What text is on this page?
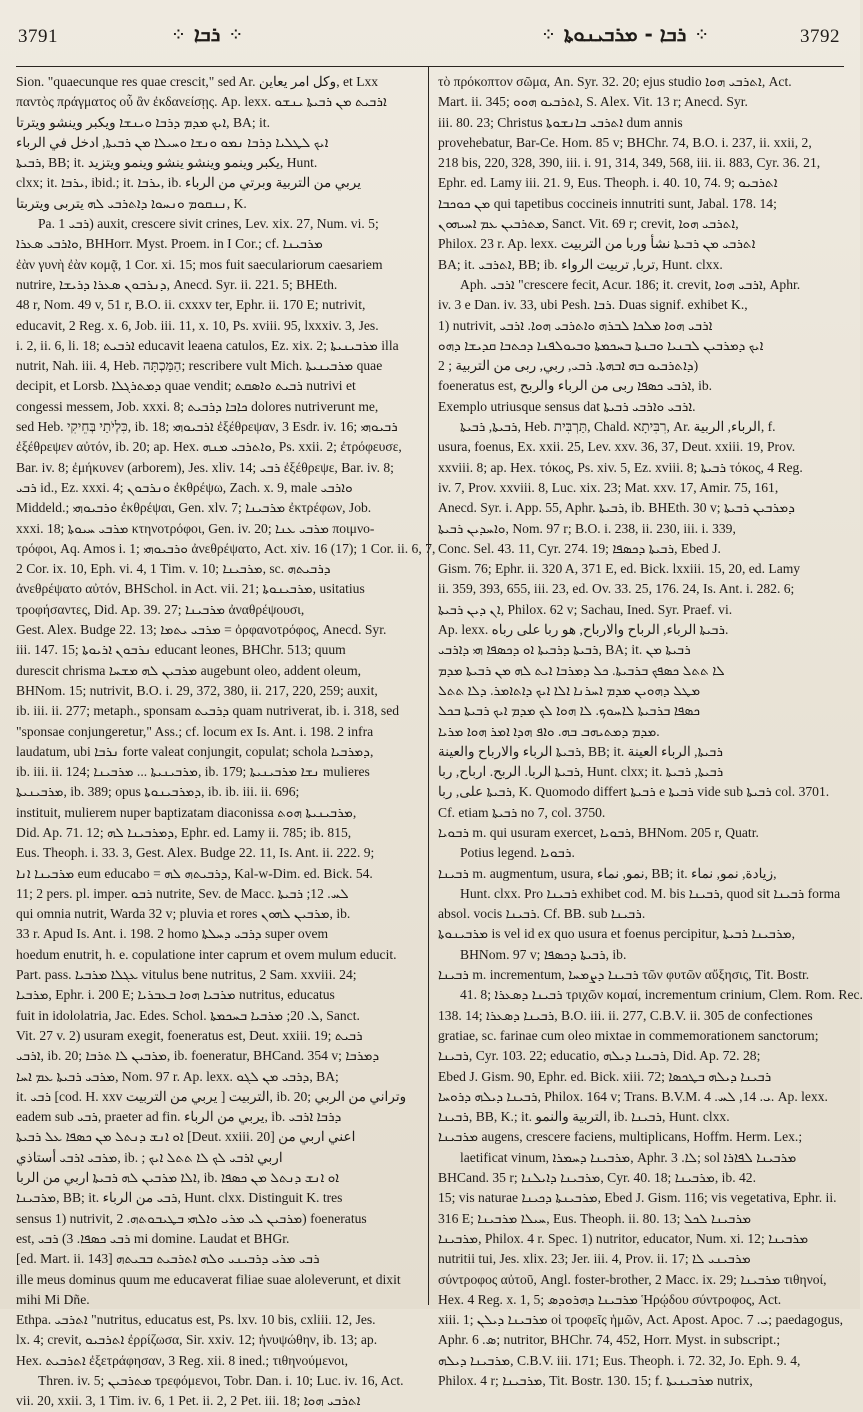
3791	⁘ ܪܒܐ ⁘	⁘ ܪܒܐ - ܡܪܒܝܢܘܬܐ ⁘	3792
Sion. "quaecunque res quae crescit," sed Ar. وكل امر يعاين, et Lxx
παντὸς πράγματος οὗ ἂν ἐκδανείσῃς. Ap. lexx. ܐܪܒܝܬ ܡܢ ܪܒܝܬܐ ܝܢܫܘ
ܐܝܟ ܡܕܡ ܕܪܒܐ ܘܝܢܫܐ ويكبر وينشو ويترتا, BA; it.
ܐܝܟ ܠܛܠܝܐ ܕܪܒܐ ܢܡܘ ܘܢܫܐ ܘܚܝܠܐ ܡܢ ܪܒܝܬܐ, ادخل في الرباء
ܪܒܝܬܐ, BB; it. يكبر وينمو وينشو ينشو وينمو ويتزيد, Hunt.
clxx; it. ܝܪܒܐ, ibid.; it. ܝܪܒܐ, ib. يربي من التربية وبرتي من الرباء
ܢܢܩܘܡ ܘܢܚܘܐ ܕܐܬܪܒܝ ܠܗ يتربى ويتربتا, K.
Pa. ܪܒܝ 1) auxit, crescere sivit crines, Lev. xix. 27, Num. vi. 5;
ܘܐܪܒܝ ܣܥܪܐ, BHHorr. Myst. Proem. in I Cor.; cf. ܡܪܒܝܢܐ
ἐὰν γυνὴ ἐὰν κομᾷ, 1 Cor. xi. 15; mos fuit saeculariorum caesariem
nutrire, ܕܢܪܒܘܢ ܣܥܪܐ ܕܪܝܫܐ, Anecd. Syr. ii. 221. 5; BHEth.
48 r, Nom. 49 v, 51 r, B.O. ii. cxxxv ter, Ephr. ii. 170 E; nutrivit,
educavit, 2 Reg. x. 6, Job. iii. 11, x. 10, Ps. xviii. 95, lxxxiv. 3, Jes.
i. 2, ii. 6, li. 18; ܐܪܒܝܬ educavit leaena catulos, Ez. xix. 2; ܡܪܒܝܢܝܬܐ illa
nutrit, Nah. iii. 4, Heb. הַמַּכְתָּה; rescribere vult Mich. ܡܪܒܝܢܝܬܐ quae
decipit, et Lorsb. ܕܡܬܪܓܠܐ quae vendit; ܪܒܝܬ ܘܐܣܩܬ nutrivi et
congessi messem, Job. xxxi. 8; ܟܐܒܐ ܕܪܒܝܬ dolores nutriverunt me,
sed Heb. כִּלְיֹתַי בְּחֵיקִי, ib. 18; ܐܪܒܝܘܗܝ ἐξέθρεψαν, 3 Esdr. iv. 16; ܪܒܝܘܗܝ
ἐξέθρεψεν αὐτόν, ib. 20; ap. Hex. ܘܐܬܪܒܝ ܡܢܗ, Ps. xxii. 2; ἐτρόφευσε,
Bar. iv. 8; ἐμήκυνεν (arborem), Jes. xliv. 14; ܪܒܝ ἐξέθρεψε, Bar. iv. 8;
ܪܒܝ id., Ez. xxxi. 4; ܘܢܪܒܘܢ ἐκθρέψω, Zach. x. 9, male ܘܐܪܒܝ
Middeld.; ܘܪܒܝܘܗܝ ἐκθρέψαι, Gen. xlv. 7; ܡܪܒܝܢܐ ἐκτρέφων, Job.
xxxi. 18; ܡܪܒܝ ܚܝܘܬܐ κτηνοτρόφοι, Gen. iv. 20; ܡܪܒܝ ܥܢܐ ποιμνο-
τρόφοι, Aq. Amos i. 1; ܘܪܒܝܘܗܝ ἀνεθρέψατο, Act. xiv. 16 (17); 1 Cor. ii. 6, 7,
2 Cor. ix. 10, Eph. vi. 4, 1 Tim. v. 10; ܡܪܒܝܢܐ, sc. ܕܪܒܝܬܗ
ἀνεθρέψατο αὐτόν, BHSchol. in Act. vii. 21; ܡܪܒܝܢܘܬܐ, usitatius
τροφήσαντες, Did. Ap. 39. 27; ܡܪܒܝܢܐ ἀναθρέψουσι,
Gest. Alex. Budge 22. 13; ܡܪܒܝ ܝܬܡܐ = ὀρφανοτρόφος, Anecd. Syr.
iii. 147. 15; ܢܪܒܘܢ ܐܪܝܘܬܐ educant leones, BHChr. 513; quum
durescit chrisma ܡܪܒܝܢ ܠܗ ܡܫܚܐ augebunt oleo, addent oleum,
BHNom. 15; nutrivit, B.O. i. 29, 372, 380, ii. 217, 220, 259; auxit,
ib. iii. ii. 277; metaph., sponsam ܕܪܒܝܬ quam nutriverat, ib. i. 318, sed
"sponsae conjungeretur," Ass.; cf. locum ex Is. Ant. i. 198. 2 infra
laudatum, ubi ܢܪܒܐ forte valeat conjungit, copulat; schola ܕܡܪܒܝܐ,
ib. iii. ii. 124; ܡܪܒܝܢܝܬܐ ... ܡܪܒܝܢܐ, ib. 179; ܢܫܐ ܡܪܒܝܢܝܬܐ mulieres
ܡܪܒܝܢܝܬܐ, ib. 389; opus ܕܡܪܒܝܢܘܬܐ, ib. ib. iii. ii. 696;
instituit, mulierem nuper baptizatam diaconissa ܡܪܒܝܢܝܬܐ ܗܘܬ,
Did. Ap. 71. 12; ܕܡܪܒܝܢܐ ܠܗ, Ephr. ed. Lamy ii. 785; ib. 815,
Eus. Theoph. i. 33. 3, Gest. Alex. Budge 22. 11, Is. Ant. ii. 222. 9;
ܡܪܒܝܢܐ ܐܢܐ eum educabo = ܕܪܒܝܬܗ ܠܗ, Kal-w-Dim. ed. Bick. 54.
11; 2 pers. pl. imper. ܪܒܘ nutrite, Sev. de Macc. ܠܚ. 12; ܪܒܝܬܐ
qui omnia nutrit, Warda 32 v; pluvia et rores ܡܪܒܝܢ ܠܗܘܢ, ib.
33 r. Apud Is. Ant. i. 198. 2 homo ܕܪܒܝ ܕܚܠܬܐ super ovem
hoedum enutrit, h. e. copulatione inter caprum et ovem mulum educit.
Part. pass. ܥܓܠܐ ܡܪܒܝܐ vitulus bene nutritus, 2 Sam. xxviii. 24;
ܡܪܒܝܐ, Ephr. i. 200 E; ܡܪܒܝܐ ܗܘܐ ܒܥܒܪܝܐ nutritus, educatus
fuit in idololatria, Jac. Edes. Schol. ܠ. 20; ܡܪܒܝܐ ܒܚܟܡܬܐ, Sanct.
Vit. 27 v. 2) usuram exegit, foeneratus est, Deut. xxiii. 19; ܪܒܝܬ
ܐܪܒܝ, ib. 20; ܡܪܒܝܢ ܠܐ ܬܪܒܐ, ib. foeneratur, BHCand. 354 v; ܕܡܪܒܐ
ܡܪܒܝ ܪܒܝܬܐ ܥܡ ܐܚܐ, Nom. 97 r. Ap. lexx. ܕܪܒܝ ܡܢ ܠܓܘ, BA;
it. ܪܒܝ [cod. H. xxv يربي من التربيت ] التربيت, ib. 20; وتراني من الربي
eadem sub ܪܒܝ, praeter ad fin. يربي من الرباء, ib. ܕܪܒܐ ܐܪܒܝ
ܐܘ ܐܢܫ ܕܢܬܠ ܡܢ ܟܣܦܐ ܥܠ ܪܒܝܬܐ [Deut. xxiii. 20] اعني اربي من
ܡܪܒܝ ܐܪܒܝ أستاذي, ib. ; اربي ܐܪܒܝ ܠܟ ܠܐ ܬܬܠ ܐܝܟ
ܐܠܐ ܡܪܒܝܢ ܠܗ ܪܒܝܬܐ اربي من الربا, ib. ܐܘ ܐܢܫ ܕܢܬܠ ܡܢ ܟܣܦܐ
ܡܪܒܝܢܐ, BB; it. ܪܒܝ من الرباء, Hunt. clxx. Distinguit K. tres
sensus 1) nutrivit, ܡܪܒܝܢ ܠܝ ܡܪܝ ܘܐܠܗܝ ܒܛܝܒܘܬܗ. 2) foeneratus
est, ܪܒܝ ܟܣܦܐ. 3) ܪܒܝ mi domine. Laudat et BHGr.
[ed. Mart. ii. 143] ܪܒܝ ܡܪܝ ܕܪܒܝܢܝ ܘܠܗ ܐܬܪܒܝܬ ܒܒܝܬܗ
ille meus dominus quum me educaverat filiae suae aloleverunt, et dixit
mihi Mi Dñe.
Ethpa. ܐܬܪܒܝ "nutritus, educatus est, Ps. lxv. 10 bis, cxliii. 12, Jes.
lx. 4; crevit, ܐܬܪܒܝܘ ἐρρίζωσα, Sir. xxiv. 12; ἠνυψώθην, ib. 13; ap.
Hex. ܐܬܪܒܝܬ ἐξετράφησαν, 3 Reg. xii. 8 ined.; τιθηνούμενοι,
Thren. iv. 5; ܡܬܪܒܝܢ τρεφόμενοι, Tobr. Dan. i. 10; Luc. iv. 16, Act.
vii. 20, xxii. 3, 1 Tim. iv. 6, 1 Pet. ii. 2, 2 Pet. iii. 18; ܐܬܪܒܝ ܗܘܐ
τὸ πρόκοπτον σῶμα, An. Syr. 32. 20; ejus studio ܐܬܪܒܝ ܗܘܐ, Act.
Mart. ii. 345; ܐܬܪܒܝܘ ܗܘܘ, S. Alex. Vit. 13 r; Anecd. Syr.
iii. 80. 23; Christus ܐܬܪܒܝ ܒܐܢܫܘܬܐ dum annis
provehebatur, Bar-Ce. Hom. 85 v; BHChr. 74, B.O. i. 237, ii. xxii, 2,
218 bis, 220, 328, 390, iii. i. 91, 314, 349, 568, iii. ii. 883, Cyr. 36. 21,
Ephr. ed. Lamy iii. 21. 9, Eus. Theoph. i. 40. 10, 74. 9; ܐܬܪܒܝܘ
ܡܢ ܟܘܟܒܐ qui tapetibus coccineis innutriti sunt, Jabal. 178. 14;
ܡܬܪܒܝܢ ܥܡ ܐܚܝܗܘܢ, Sanct. Vit. 69 r; crevit, ܐܬܪܒܝ ܗܘܐ,
Philox. 23 r. Ap. lexx. ܐܬܪܒܝ ܡܢ ܪܒܝܬܐ نشأ وربا من التربيت
BA; it. ܐܬܪܒܝ, BB; ib. تربا, تربيت الرواء, Hunt. clxx.
Aph. ܐܪܒܝ "crescere fecit, Acur. 186; it. crevit, ܐܪܒܝ ܗܘܐ, Aphr.
iv. 3 e Dan. iv. 33, ubi Pesh. ܪܒܐ. Duas signif. exhibet K.,
1) nutrivit, ܐܪܒܝ ܗܘܐ ܡܠܟܐ ܠܒܪܗ ܘܐܬܪܒܝ ܗܘܐ. ܐܪܒܝ
ܐܝܟ ܕܡܪܒܝܢ ܠܒܢܝܐ ܘܒܢܬܐ ܒܚܟܡܬܐ ܘܒܝܘܠܦܢܐ ܕܟܬܒܐ ܩܕܝܫܐ ܕܗܘ
ܕܐܬܪܒܝܘ ܒܗ ܐܒܗܬܐ. ܪܒܝ, ربي, ربى من التربية ; 2)
foeneratus est, ܐܪܒܝ ܟܣܦܐ ربى من الرباء والربح, ib.
Exemplo utriusque sensus dat ܐܪܒܝ ܘܐܪܒܝ ܪܒܝܬܐ.
ܪܒܝܬܐ, ܪܒܝܬܐ, Heb. תַּרְבִּית, Chald. רִבִּיתָא, Ar. الرباء, الربية, f.
usura, foenus, Ex. xxii. 25, Lev. xxv. 36, 37, Deut. xxiii. 19, Prov.
xxviii. 8; ap. Hex. τόκος, Ps. xiv. 5, Ez. xviii. 8; ܪܒܝܬܐ τόκος, 4 Reg.
iv. 7, Prov. xxviii. 8, Luc. xix. 23; Mat. xxv. 17, Amir. 75, 161,
Anecd. Syr. i. App. 55, Aphr. ܪܒܝܬܐ, ib. BHEth. 30 v; ܕܡܪܒܝܢ ܪܒܝܬܐ
ܘܐܚܕܝܢ ܪܒܝܬܐ, Nom. 97 r; B.O. i. 238, ii. 230, iii. i. 339,
Conc. Sel. 43. 11, Cyr. 274. 19; ܪܒܝܬܐ ܕܟܣܦܐ, Ebed J.
Gism. 76; Ephr. ii. 320 A, 371 E, ed. Bick. lxxiii. 15, 20, ed. Lamy
ii. 359, 393, 655, iii. 23, ed. Ov. 33. 25, 176. 24, Is. Ant. i. 282. 6;
ܐܢ ܕܝܢ ܪܒܝܬܐ, Philox. 62 v; Sachau, Ined. Syr. Praef. vi.
Ap. lexx. ܪܒܝܬܐ الرباء, الرباح والارباح, هو ربا على رباه.
ܪܒܝܬܐ ܕܪܒܝܬܐ ܐܘ ܕܟܣܦܐ ܗܝ ܕܐܪܒܝ, BA; it. ܪܒܝܬܐ ܡܢ
ܠܐ ܬܬܠ ܟܣܦܟ ܒܪܒܝܬܐ. ܟܠ ܕܡܪܒܐ ܐܝܬ ܠܗ ܡܢ ܪܒܝܬܐ ܡܕܡ
ܡܛܠ ܕܗܘܝܢ ܡܕܡ ܐܚܪܢܐ ܐܠܐ ܐܝܟ ܕܐܬܐܡܪ. ܕܠܐ ܬܬܠ
ܟܣܦܐ ܒܪܒܝܬܐ ܠܐܚܘܟ. ܠܐ ܗܘܐ ܠܟ ܡܕܡ ܐܝܟ ܪܒܝܬܐ ܒܟܠ
ܡܕܡ ܕܡܬܝܗܒ ܒܗ. ܘܐܦ ܗܕܐ ܐܡܪ ܗܘܐ ܡܪܝܐ.
ܪܒܝܬܐ الرباء والارباح والعينة, BB; it. ܪܒܝܬܐ, الرباء العينة
ܪܒܝܬܐ الربا. الربح. ارباح, ربا, Hunt. clxx; it. ܪܒܝܬܐ, ܪܒܝܬܐ
ܪܒܝܬܐ على, ربا, K. Quomodo differt ܪܒܝܬܐ e ܪܒܝܬܐ vide sub ܪܒܝܬܐ col. 3701.
Cf. etiam ܪܒܝܬܐ no 7, col. 3750.
ܪܒܘܝܐ m. qui usuram exercet, ܪܒܘܝܐ, BHNom. 205 r, Quatr.
Potius legend. ܪܒܘܝܐ.
ܪܒܝܢܐ m. augmentum, usura, نمو, نماء, BB; it. زيادة, نمو, نماء,
Hunt. clxx. Pro ܪܒܝܢܐ exhibet cod. M. bis ܪܒܝܢܐ, quod sit ܪܒܝܢܐ forma
absol. vocis ܪܒܝܢܐ. Cf. BB. sub ܪܒܝܢܐ.
ܡܪܒܝܢܘܬܐ is vel id ex quo usura et foenus percipitur, ܡܪܒܝܢܐ ܪܒܝܬܐ,
BHNom. 97 v; ܪܒܝܬܐ ܕܟܣܦܐ, ib.
ܪܒܝܢܐ m. incrementum, ܪܒܝܢܐ ܕܨܡܚܐ τῶν φυτῶν αὔξησις, Tit. Bostr.
41. 8; ܪܒܝܢܐ ܕܣܥܪܐ τριχῶν κομαί, incrementum crinium, Clem. Rom. Rec.
138. 14; ܪܒܝܢܐ ܕܣܥܪܐ, B.O. iii. ii. 277, C.B.V. ii. 305 de confectiones
gratiae, sc. farinae cum oleo mixtae in commemorationem sanctorum;
ܪܒܝܢܐ, Cyr. 103. 22; educatio, ܪܒܝܢܐ ܕܝܠܗ, Did. Ap. 72. 28;
Ebed J. Gism. 90, Ephr. ed. Bick. xiii. 72; ܪܒܝܢܐ ܕܝܠܗ ܒܛܟܣܐ
ܪܒܝܢܐ ܕܝܠܗ ܕܪܘܚܐ, Philox. 164 v; Trans. B.V.M. ܝ. 14, ܠܚ. 4. Ap. lexx.
ܪܒܝܢܐ, BB, K.; it. التربية والنمو, ib. ܪܒܝܢܐ, Hunt. clxx.
ܡܪܒܝܢܐ augens, crescere faciens, multiplicans, Hoffm. Herm. Lex.;
laetificat vinum, ܡܪܒܝܢܐ ܕܚܡܪܐ, Aphr. ܠܐ. 3; sol ܡܪܒܝܢܐ ܠܦܐܪܐ
BHCand. 35 r; ܡܪܒܝܢܐ ܕܐܝܠܢܐ, Cyr. 40. 18; ܡܪܒܝܢܐ, ib. 42.
15; vis naturae ܡܪܒܝܢܬܐ ܕܟܝܢܐ, Ebed J. Gism. 116; vis vegetativa, Ephr. ii.
316 E; ܚܝܠܐ ܡܪܒܝܢܐ, Eus. Theoph. ii. 80. 13; ܡܪܒܝܢܐ ܠܟܠ
ܡܪܒܝܢܐ, Philox. 4 r. Spec. 1) nutritor, educator, Num. xi. 12; ܡܪܒܝܢܐ
nutritii tui, Jes. xlix. 23; Jer. iii. 4, Prov. ii. 17; ܡܪܒܝܢܝ ܠܐ
σύντροφος αὐτοῦ, Angl. foster-brother, 2 Macc. ix. 29; ܡܪܒܝܢܐ τιθηνοί,
Hex. 4 Reg. x. 1, 5; ܡܪܒܝܢܐ ܕܗܪܘܕܣ Ἡρῴδου σύντροφος, Act.
xiii. 1; ܡܪܒܝܢܐ ܕܝܠܢ οἱ τροφεῖς ἡμῶν, Act. Apost. Apoc. ܝ. 7; paedagogus,
Aphr. ܣ. 6; nutritor, BHChr. 74, 452, Horr. Myst. in subscript.;
ܡܪܒܝܢܐ ܕܝܠܗ, C.B.V. iii. 171; Eus. Theoph. i. 72. 32, Jo. Eph. 9. 4,
Philox. 4 r; ܡܪܒܝܢܐ, Tit. Bostr. 130. 15; f. ܡܪܒܝܢܝܬܐ nutrix,
